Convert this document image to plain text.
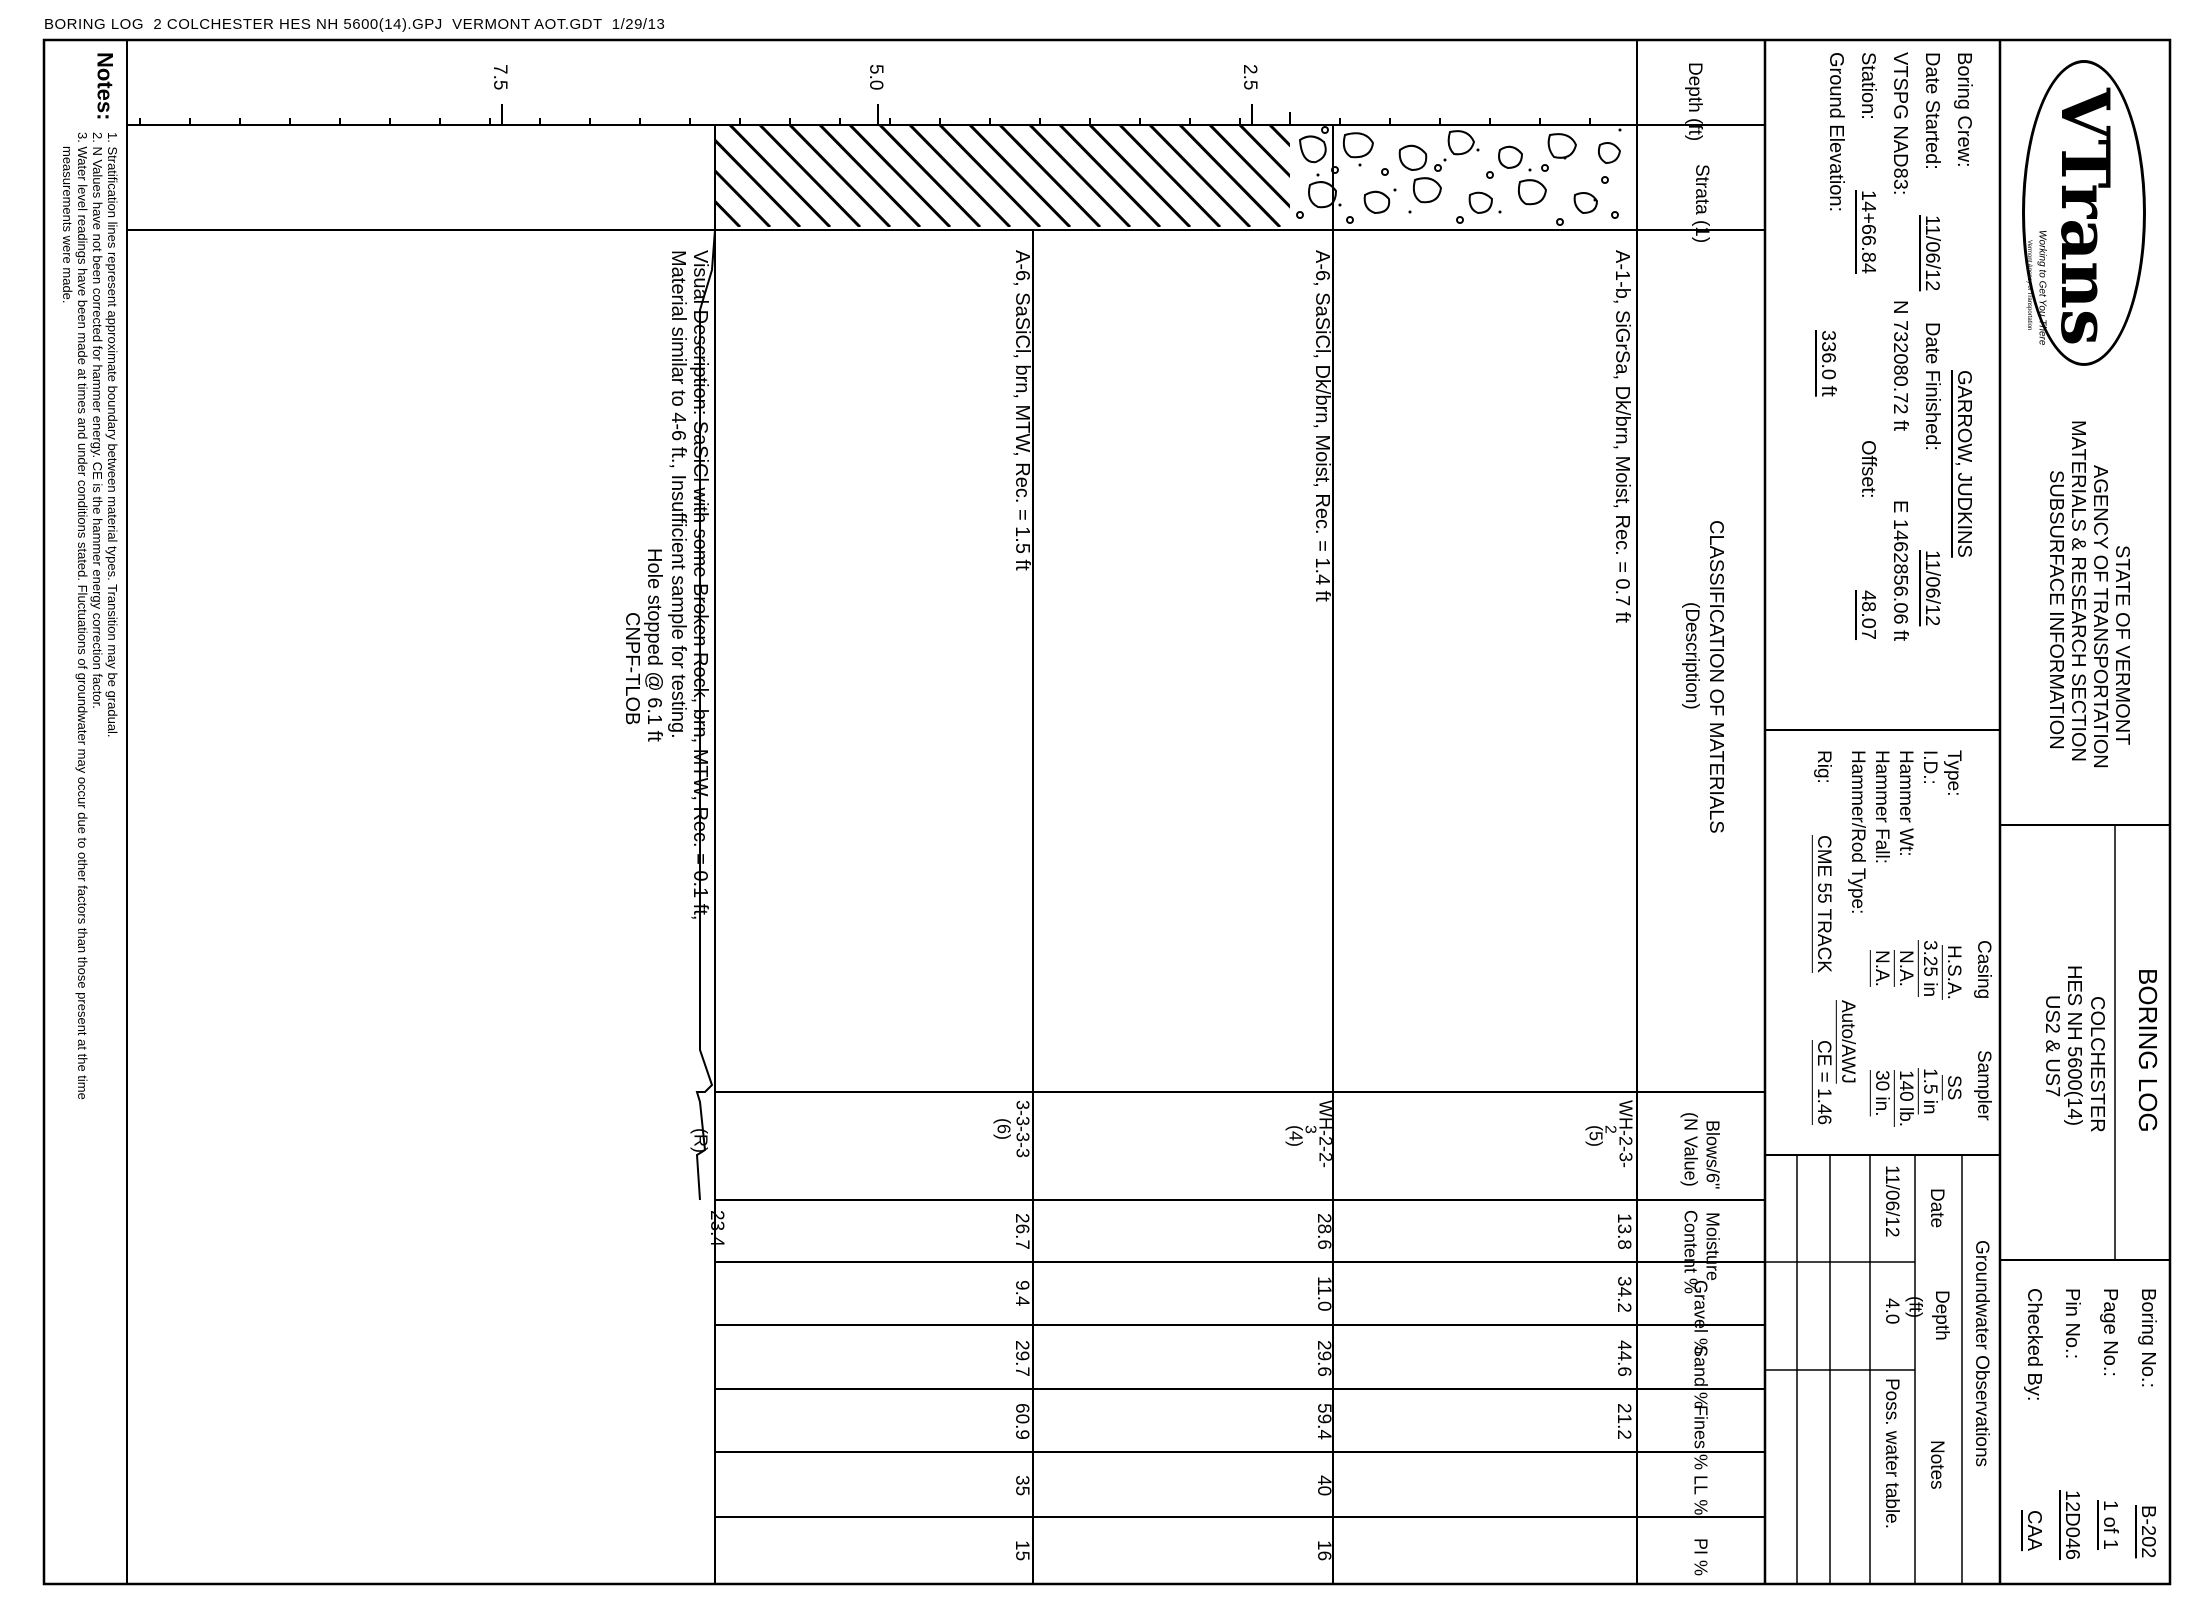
BORING LOG  2 COLCHESTER HES NH 5600(14).GPJ  VERMONT AOT.GDT  1/29/13
Notes:
1. Stratification lines represent approximate boundary between material types. Transition may be gradual.
2. N Values have not been corrected for hammer energy. CE is the hammer energy correction factor.
3. Water level readings have been made at times and under conditions stated. Fluctuations of groundwater may occur due to other factors than those present at the time
measurements were made.
Depth (ft)
2.5
5.0
7.5
Strata (1)
CLASSIFICATION OF MATERIALS
(Description)
Blows/6"
(N Value)
Moisture
Content %
Gravel %
Sand %
Fines %
LL %
PI %
A-1-b, SiGrSa, Dk/brn, Moist, Rec. = 0.7 ft
WH-2-3-
2
(5)
13.8
34.2
44.6
21.2
A-6, SaSiCl, Dk/brn, Moist, Rec. = 1.4 ft
WH-2-2-
3
(4)
28.6
11.0
29.6
59.4
40
16
A-6, SaSiCl, brn, MTW, Rec. = 1.5 ft
3-3-3-3
(6)
26.7
9.4
29.7
60.9
35
15
Visual Description: SaSiCl with some Broken Rock, brn, MTW, Rec. = 0.1 ft,
Material similar to 4-6 ft., Insufficient sample for testing.
Hole stopped @ 6.1 ft
CNPF-TLOB
(R)
23.4
Boring Crew:
GARROW, JUDKINS
Date Started:
11/06/12
Date Finished:
11/06/12
VTSPG NAD83:
N 732080.72 ft
E 1462856.06 ft
Station:
14+66.84
Offset:
48.07
Ground Elevation:
336.0 ft
Casing
Sampler
Type:
H.S.A.
SS
I.D.:
3.25 in
1.5 in
Hammer Wt:
N.A.
140 lb.
Hammer Fall:
N.A.
30 in.
Hammer/Rod Type:
Auto/AWJ
Rig:
CME 55 TRACK
CE = 1.46
Groundwater Observations
Date
Depth
(ft)
Notes
11/06/12
4.0
Poss. water table.
VTrans
Working to Get You There
Vermont Agency of Transportation
STATE OF VERMONT
AGENCY OF TRANSPORTATION
MATERIALS & RESEARCH SECTION
SUBSURFACE INFORMATION
BORING LOG
COLCHESTER
HES NH 5600(14)
US2 & US7
Boring No.:
B-202
Page No.:
1 of 1
Pin No.:
12D046
Checked By:
CAA
